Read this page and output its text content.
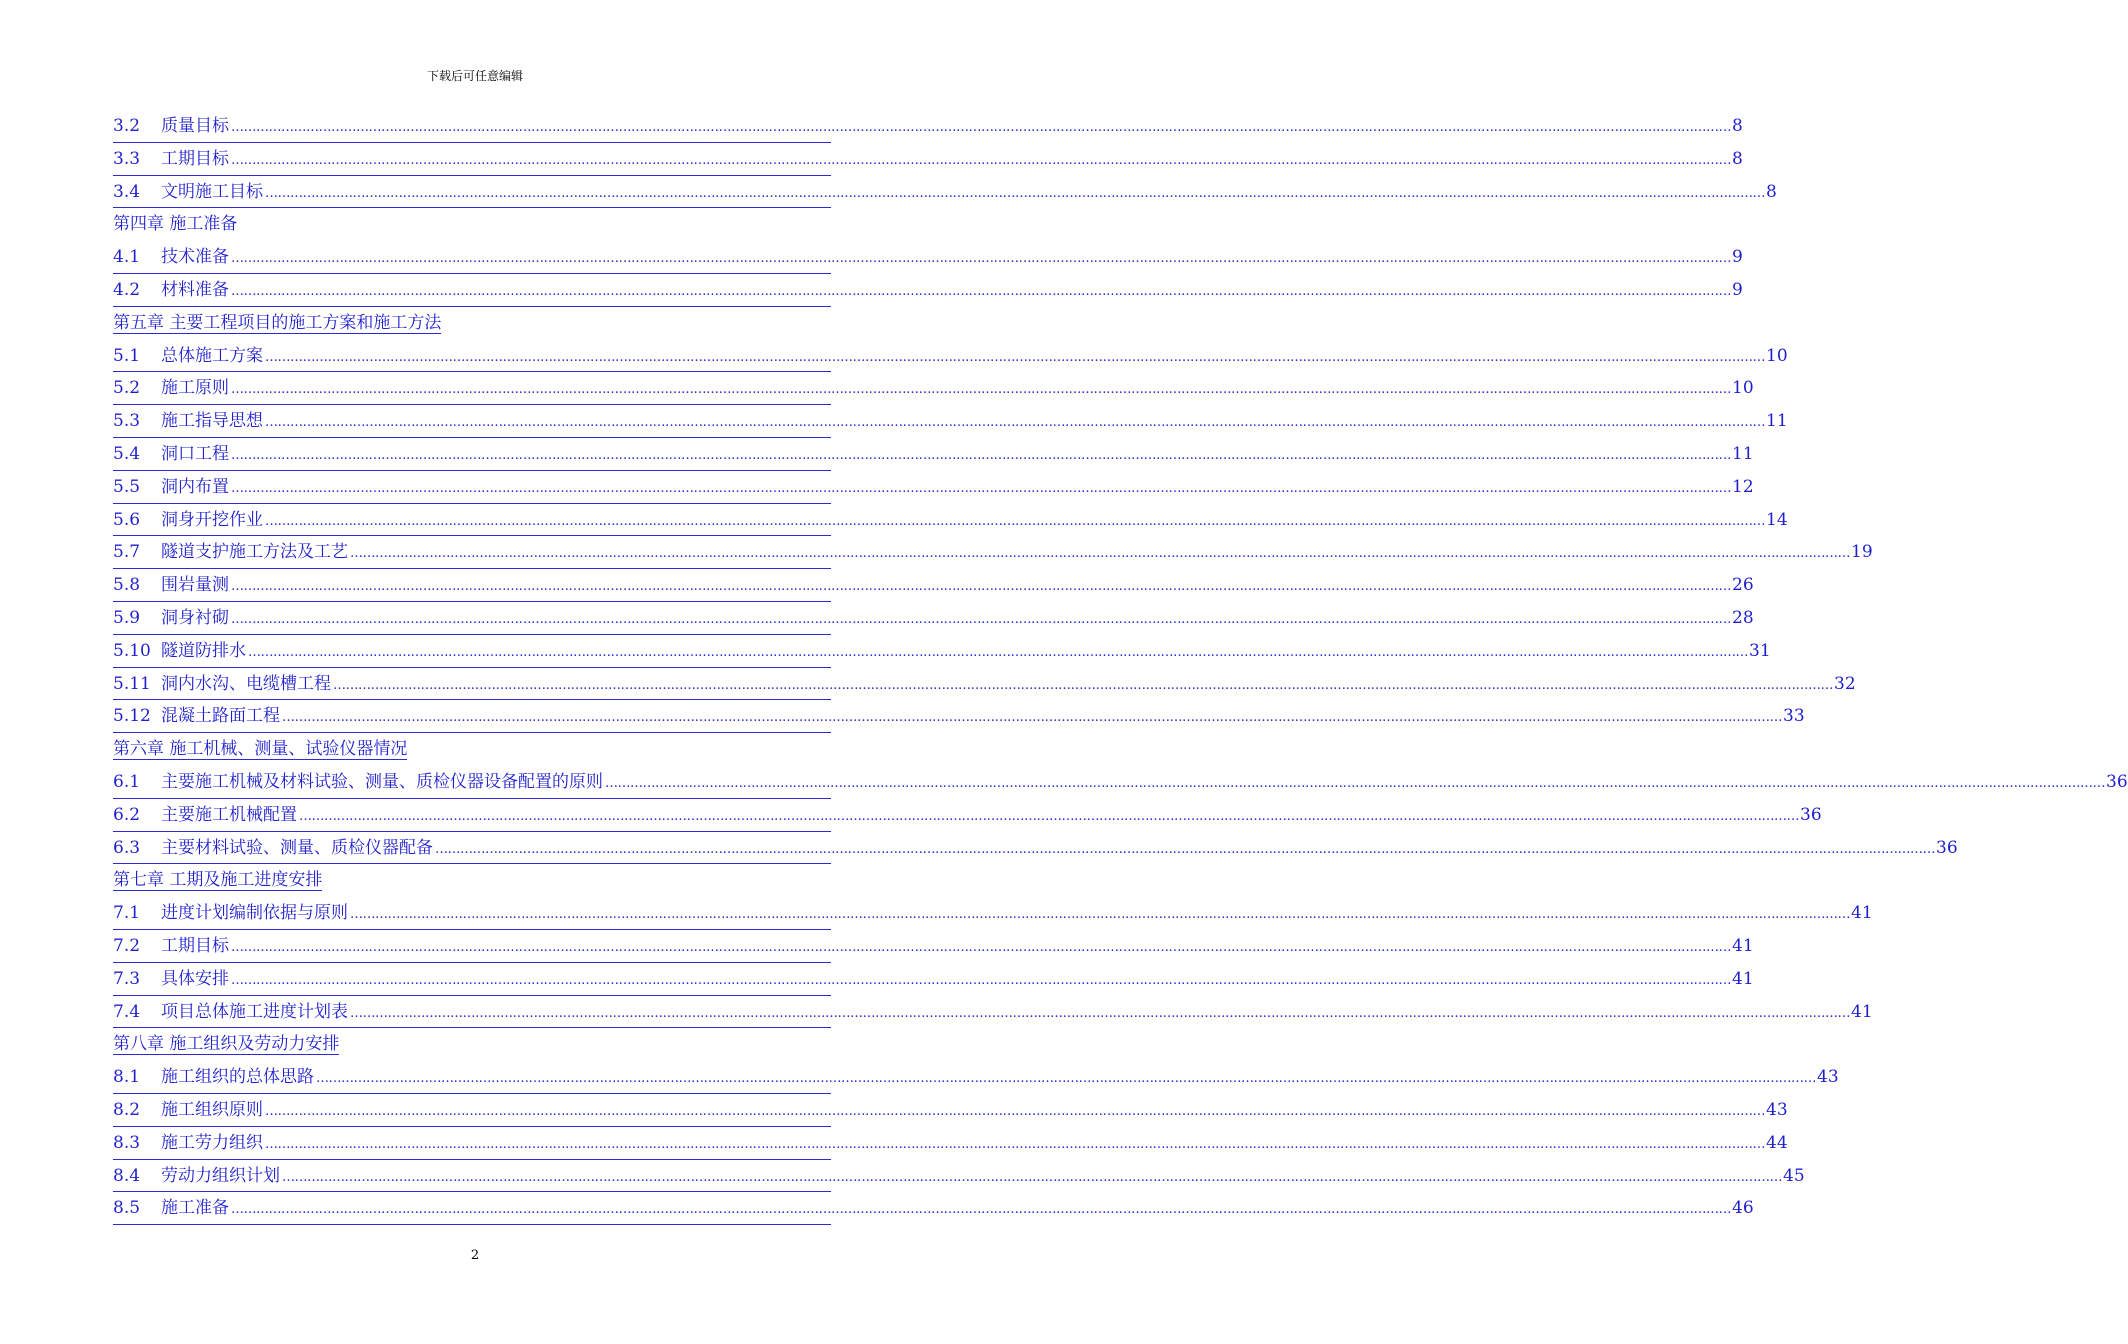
下载后可任意编辑
3.2	质量目标 ……………………………………………………………………………………………………………………………………………………………………………………………………………………………………………………………………………………………………………………………… 8
3.3	工期目标 ……………………………………………………………………………………………………………………………………………………………………………………………………………………………………………………………………………………………………………………………… 8
3.4	文明施工目标 ……………………………………………………………………………………………………………………………………………………………………………………………………………………………………………………………………………………………………………………………… 8
第四章 施工准备
4.1	技术准备 ……………………………………………………………………………………………………………………………………………………………………………………………………………………………………………………………………………………………………………………………… 9
4.2	材料准备 ……………………………………………………………………………………………………………………………………………………………………………………………………………………………………………………………………………………………………………………………… 9
第五章 主要工程项目的施工方案和施工方法
5.1	总体施工方案 ……………………………………………………………………………………………………………………………………………………………………………………………………………………………………………………………………………………………………………………………… 10
5.2	施工原则 ……………………………………………………………………………………………………………………………………………………………………………………………………………………………………………………………………………………………………………………………… 10
5.3	施工指导思想 ……………………………………………………………………………………………………………………………………………………………………………………………………………………………………………………………………………………………………………………………… 11
5.4	洞口工程 ……………………………………………………………………………………………………………………………………………………………………………………………………………………………………………………………………………………………………………………………… 11
5.5	洞内布置 ……………………………………………………………………………………………………………………………………………………………………………………………………………………………………………………………………………………………………………………………… 12
5.6	洞身开挖作业 ……………………………………………………………………………………………………………………………………………………………………………………………………………………………………………………………………………………………………………………………… 14
5.7	隧道支护施工方法及工艺 ……………………………………………………………………………………………………………………………………………………………………………………………………………………………………………………………………………………………………………………………… 19
5.8	围岩量测 ……………………………………………………………………………………………………………………………………………………………………………………………………………………………………………………………………………………………………………………………… 26
5.9	洞身衬砌 ……………………………………………………………………………………………………………………………………………………………………………………………………………………………………………………………………………………………………………………………… 28
5.10 隧道防排水 ……………………………………………………………………………………………………………………………………………………………………………………………………………………………………………………………………………………………………………………………… 31
5.11 洞内水沟、电缆槽工程 ……………………………………………………………………………………………………………………………………………………………………………………………………………………………………………………………………………………………………………………………… 32
5.12 混凝土路面工程 ……………………………………………………………………………………………………………………………………………………………………………………………………………………………………………………………………………………………………………………………… 33
第六章 施工机械、测量、试验仪器情况
6.1	主要施工机械及材料试验、测量、质检仪器设备配置的原则 ……………………………………………………………………………………………………………………………………………………………………………………………………………………………………………………………………………………………………………………………… 36
6.2	主要施工机械配置 ……………………………………………………………………………………………………………………………………………………………………………………………………………………………………………………………………………………………………………………………… 36
6.3	主要材料试验、测量、质检仪器配备 ……………………………………………………………………………………………………………………………………………………………………………………………………………………………………………………………………………………………………………………………… 36
第七章 工期及施工进度安排
7.1	进度计划编制依据与原则 ……………………………………………………………………………………………………………………………………………………………………………………………………………………………………………………………………………………………………………………………… 41
7.2	工期目标 ……………………………………………………………………………………………………………………………………………………………………………………………………………………………………………………………………………………………………………………………… 41
7.3	具体安排 ……………………………………………………………………………………………………………………………………………………………………………………………………………………………………………………………………………………………………………………………… 41
7.4	项目总体施工进度计划表 ……………………………………………………………………………………………………………………………………………………………………………………………………………………………………………………………………………………………………………………………… 41
第八章 施工组织及劳动力安排
8.1	施工组织的总体思路 ……………………………………………………………………………………………………………………………………………………………………………………………………………………………………………………………………………………………………………………………… 43
8.2	施工组织原则 ……………………………………………………………………………………………………………………………………………………………………………………………………………………………………………………………………………………………………………………………… 43
8.3	施工劳力组织 ……………………………………………………………………………………………………………………………………………………………………………………………………………………………………………………………………………………………………………………………… 44
8.4	劳动力组织计划 ……………………………………………………………………………………………………………………………………………………………………………………………………………………………………………………………………………………………………………………………… 45
8.5	施工准备 ……………………………………………………………………………………………………………………………………………………………………………………………………………………………………………………………………………………………………………………………… 46
2
